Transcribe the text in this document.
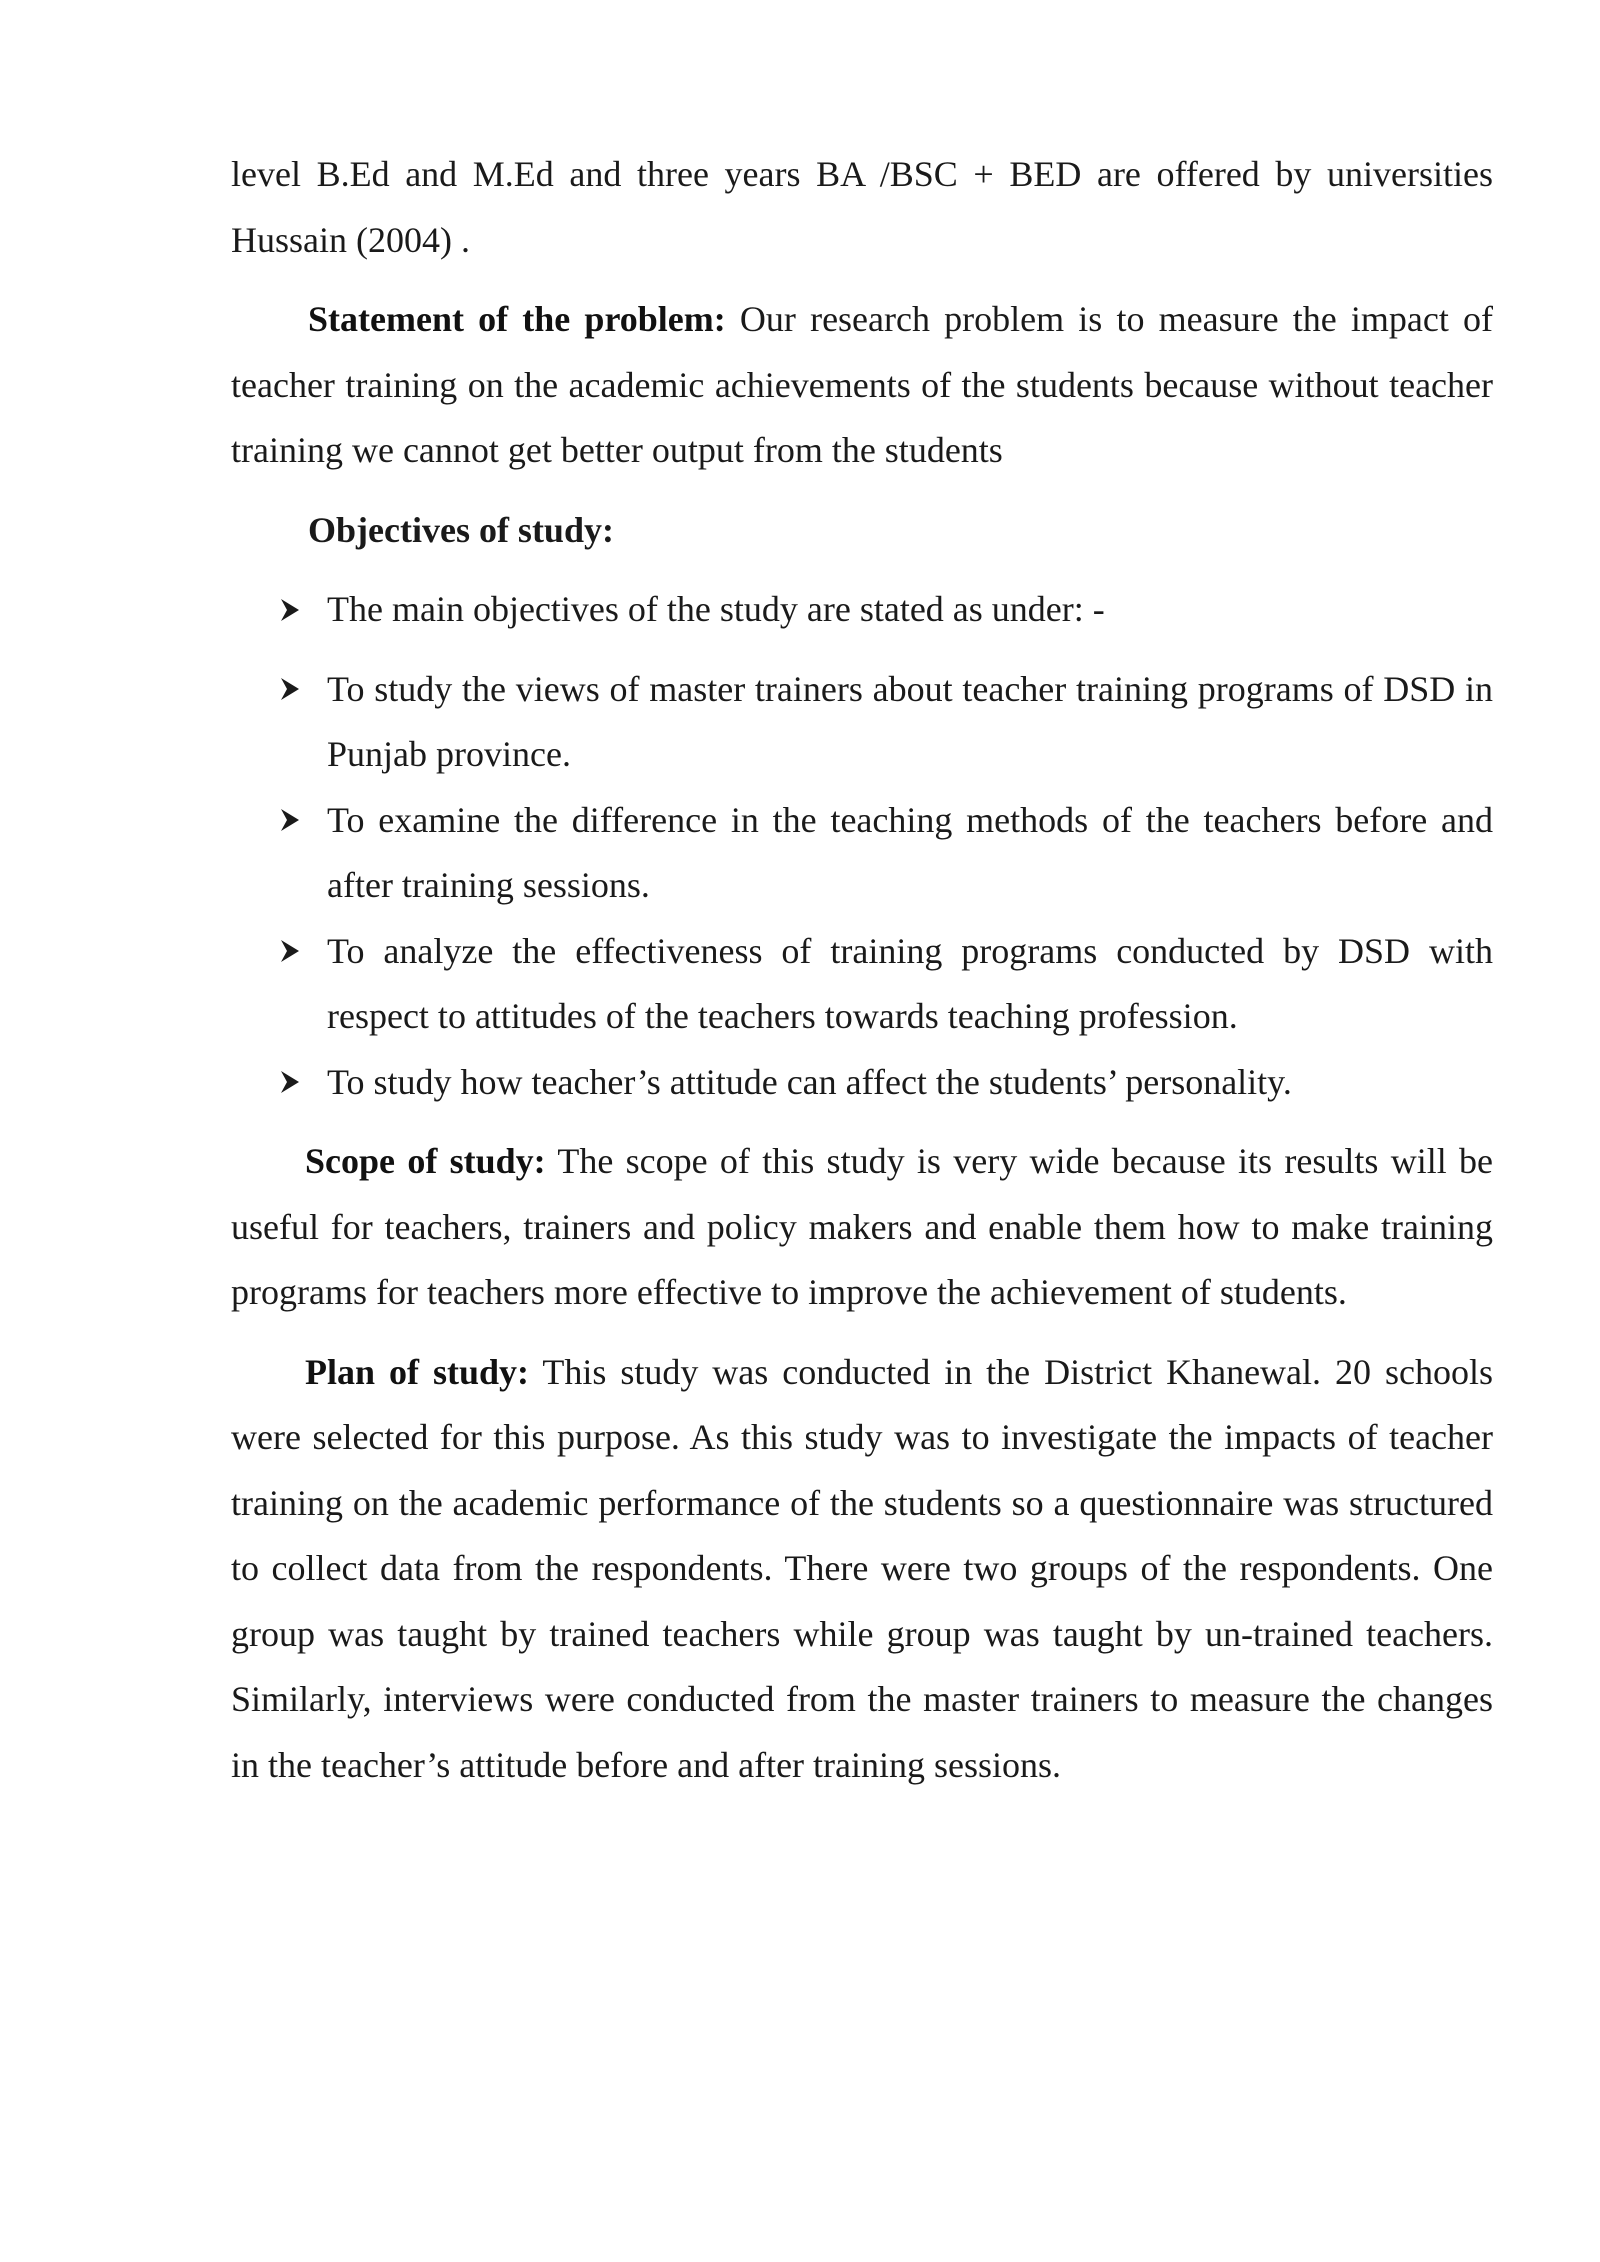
level B.Ed and M.Ed and three years BA /BSC + BED are offered by universities Hussain (2004) .

Statement of the problem: Our research problem is to measure the impact of teacher training on the academic achievements of the students because without teacher training we cannot get better output from the students

Objectives of study:

The main objectives of the study are stated as under: -
To study the views of master trainers about teacher training programs of DSD in Punjab province.
To examine the difference in the teaching methods of the teachers before and after training sessions.
To analyze the effectiveness of training programs conducted by DSD with respect to attitudes of the teachers towards teaching profession.
To study how teacher’s attitude can affect the students’ personality.

Scope of study: The scope of this study is very wide because its results will be useful for teachers, trainers and policy makers and enable them how to make training programs for teachers more effective to improve the achievement of students.

Plan of study: This study was conducted in the District Khanewal. 20 schools were selected for this purpose. As this study was to investigate the impacts of teacher training on the academic performance of the students so a questionnaire was structured to collect data from the respondents. There were two groups of the respondents. One group was taught by trained teachers while group was taught by un-trained teachers. Similarly, interviews were conducted from the master trainers to measure the changes in the teacher’s attitude before and after training sessions.
